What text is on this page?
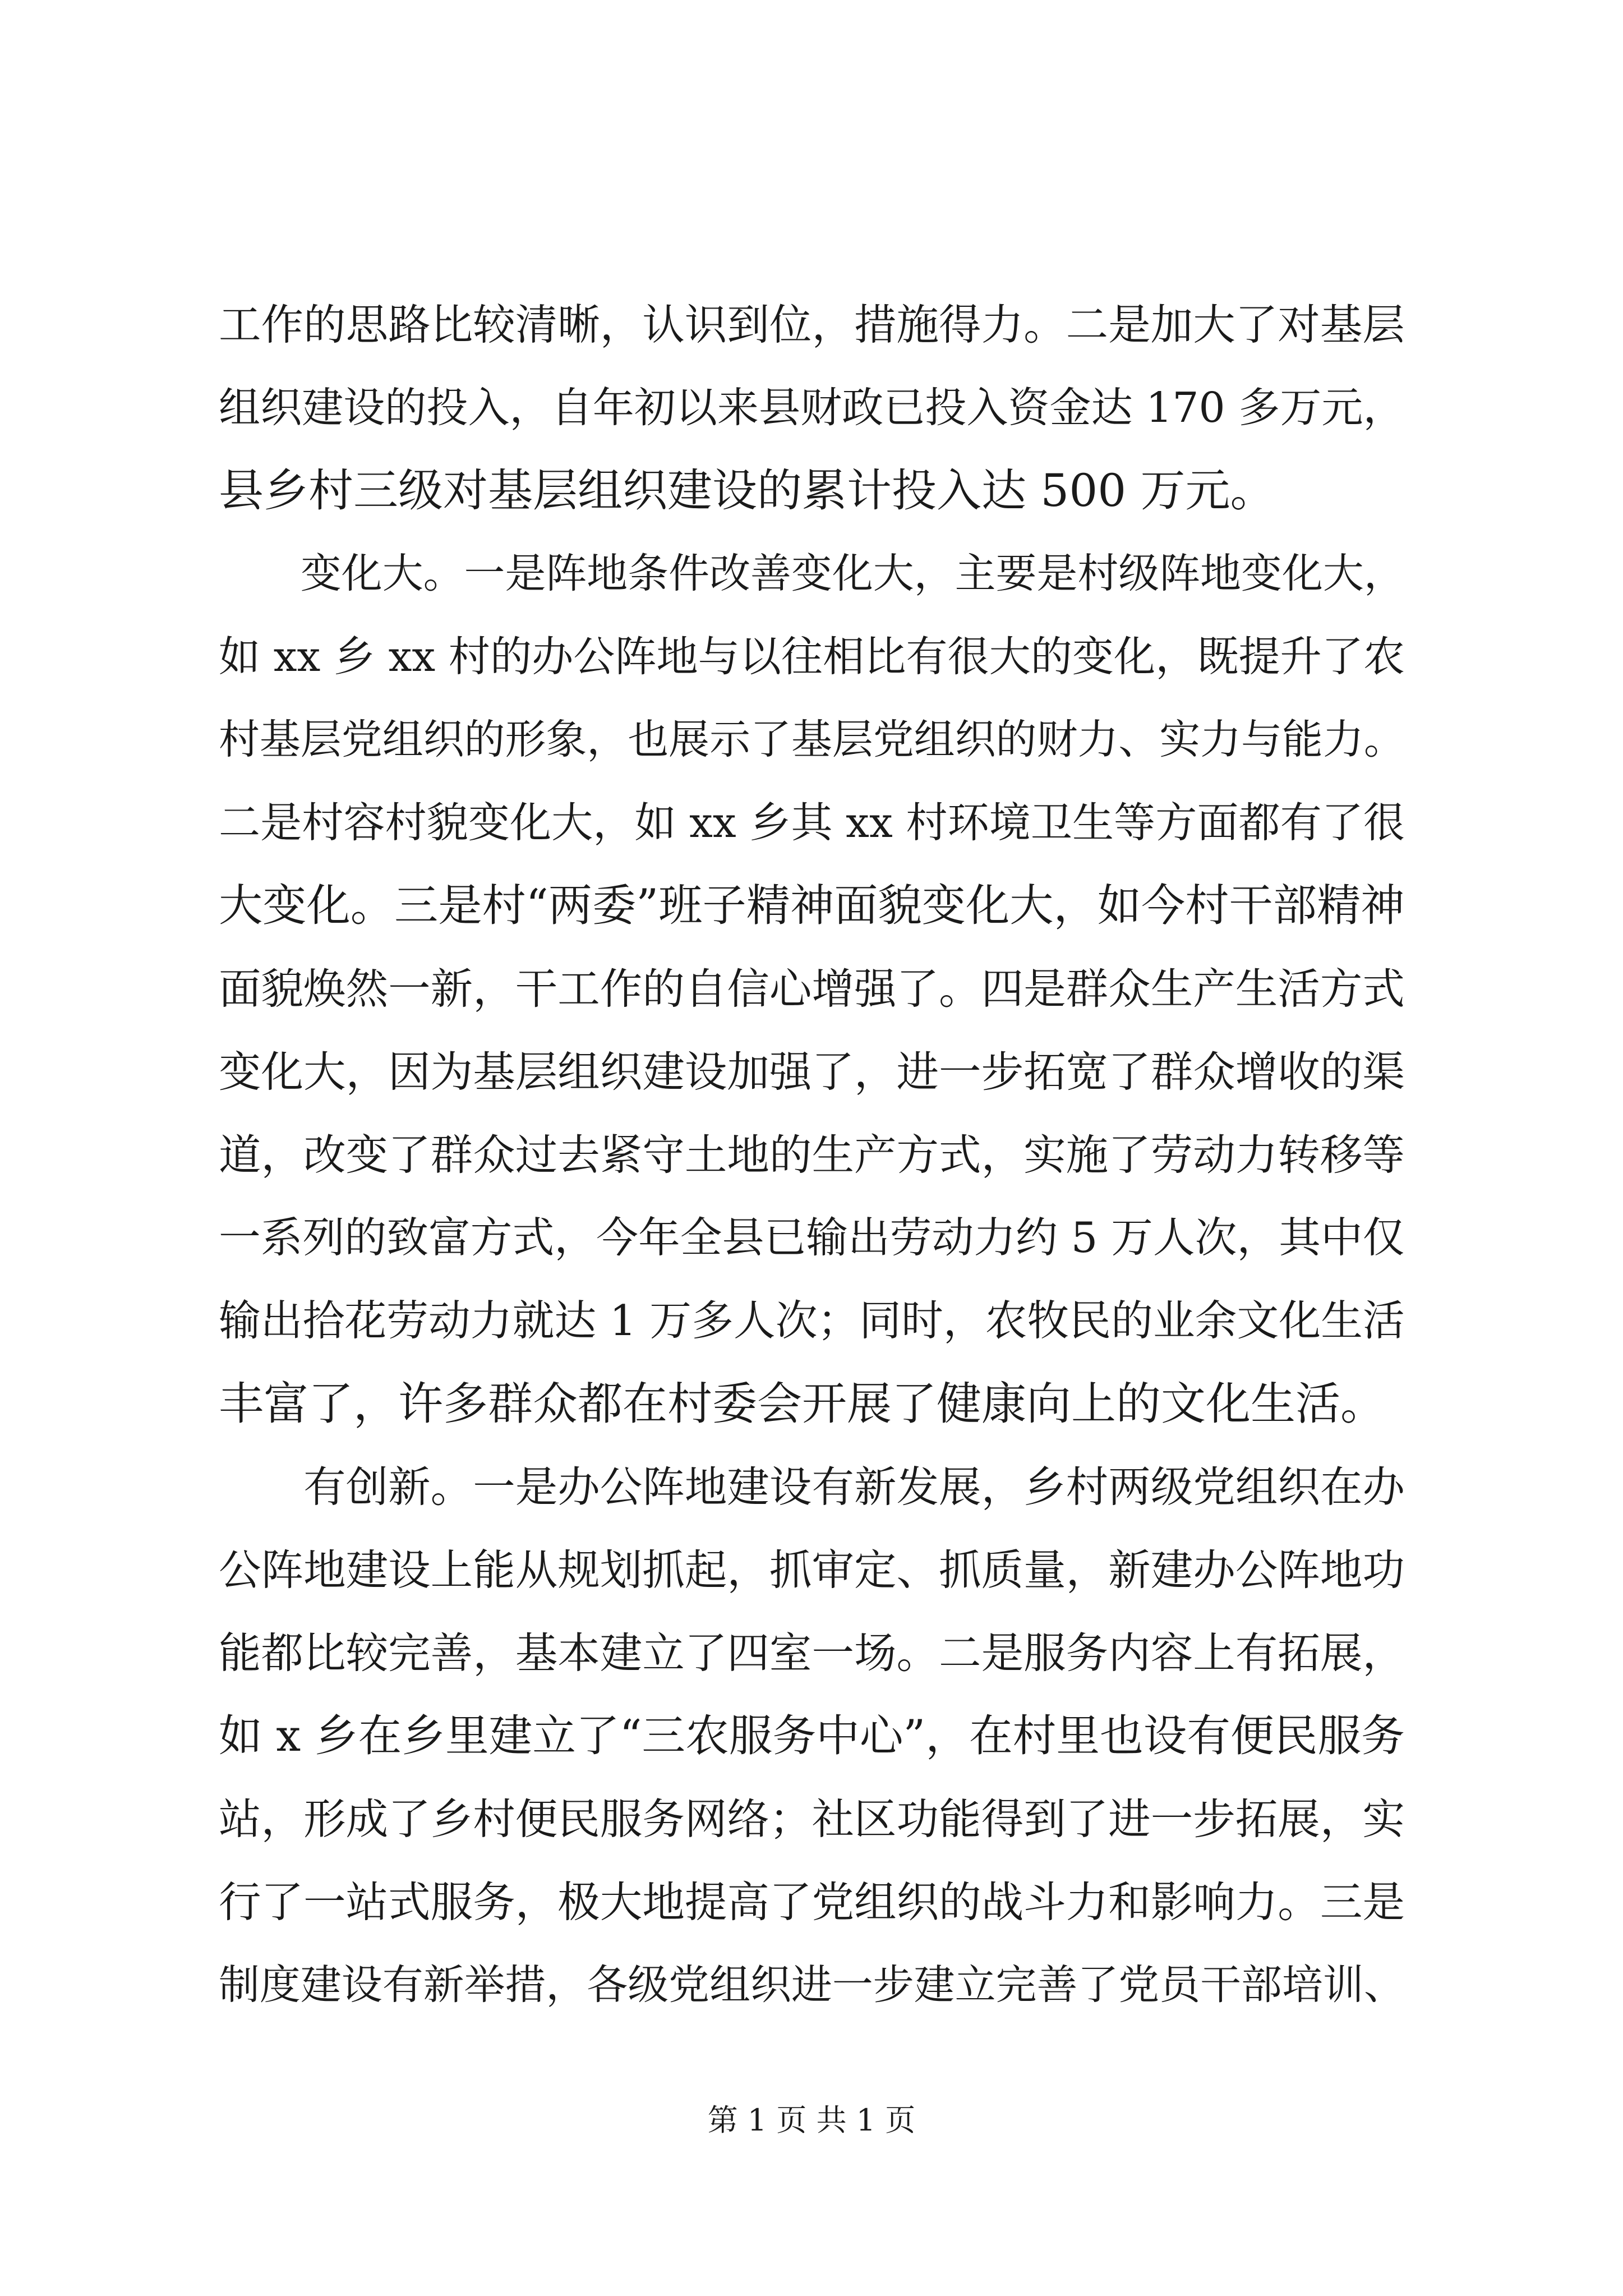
工作的思路比较清晰，认识到位，措施得力。二是加大了对基层
组织建设的投入，自年初以来县财政已投入资金达 170 多万元，
县乡村三级对基层组织建设的累计投入达 500 万元。
　　变化大。一是阵地条件改善变化大，主要是村级阵地变化大，
如 xx 乡 xx 村的办公阵地与以往相比有很大的变化，既提升了农
村基层党组织的形象，也展示了基层党组织的财力、实力与能力。
二是村容村貌变化大，如 xx 乡其 xx 村环境卫生等方面都有了很
大变化。三是村“两委”班子精神面貌变化大，如今村干部精神
面貌焕然一新，干工作的自信心增强了。四是群众生产生活方式
变化大，因为基层组织建设加强了，进一步拓宽了群众增收的渠
道，改变了群众过去紧守土地的生产方式，实施了劳动力转移等
一系列的致富方式，今年全县已输出劳动力约 5 万人次，其中仅
输出拾花劳动力就达 1 万多人次；同时，农牧民的业余文化生活
丰富了，许多群众都在村委会开展了健康向上的文化生活。
　　有创新。一是办公阵地建设有新发展，乡村两级党组织在办
公阵地建设上能从规划抓起，抓审定、抓质量，新建办公阵地功
能都比较完善，基本建立了四室一场。二是服务内容上有拓展，
如 x 乡在乡里建立了“三农服务中心”，在村里也设有便民服务
站，形成了乡村便民服务网络；社区功能得到了进一步拓展，实
行了一站式服务，极大地提高了党组织的战斗力和影响力。三是
制度建设有新举措，各级党组织进一步建立完善了党员干部培训、
第 1 页 共 1 页
